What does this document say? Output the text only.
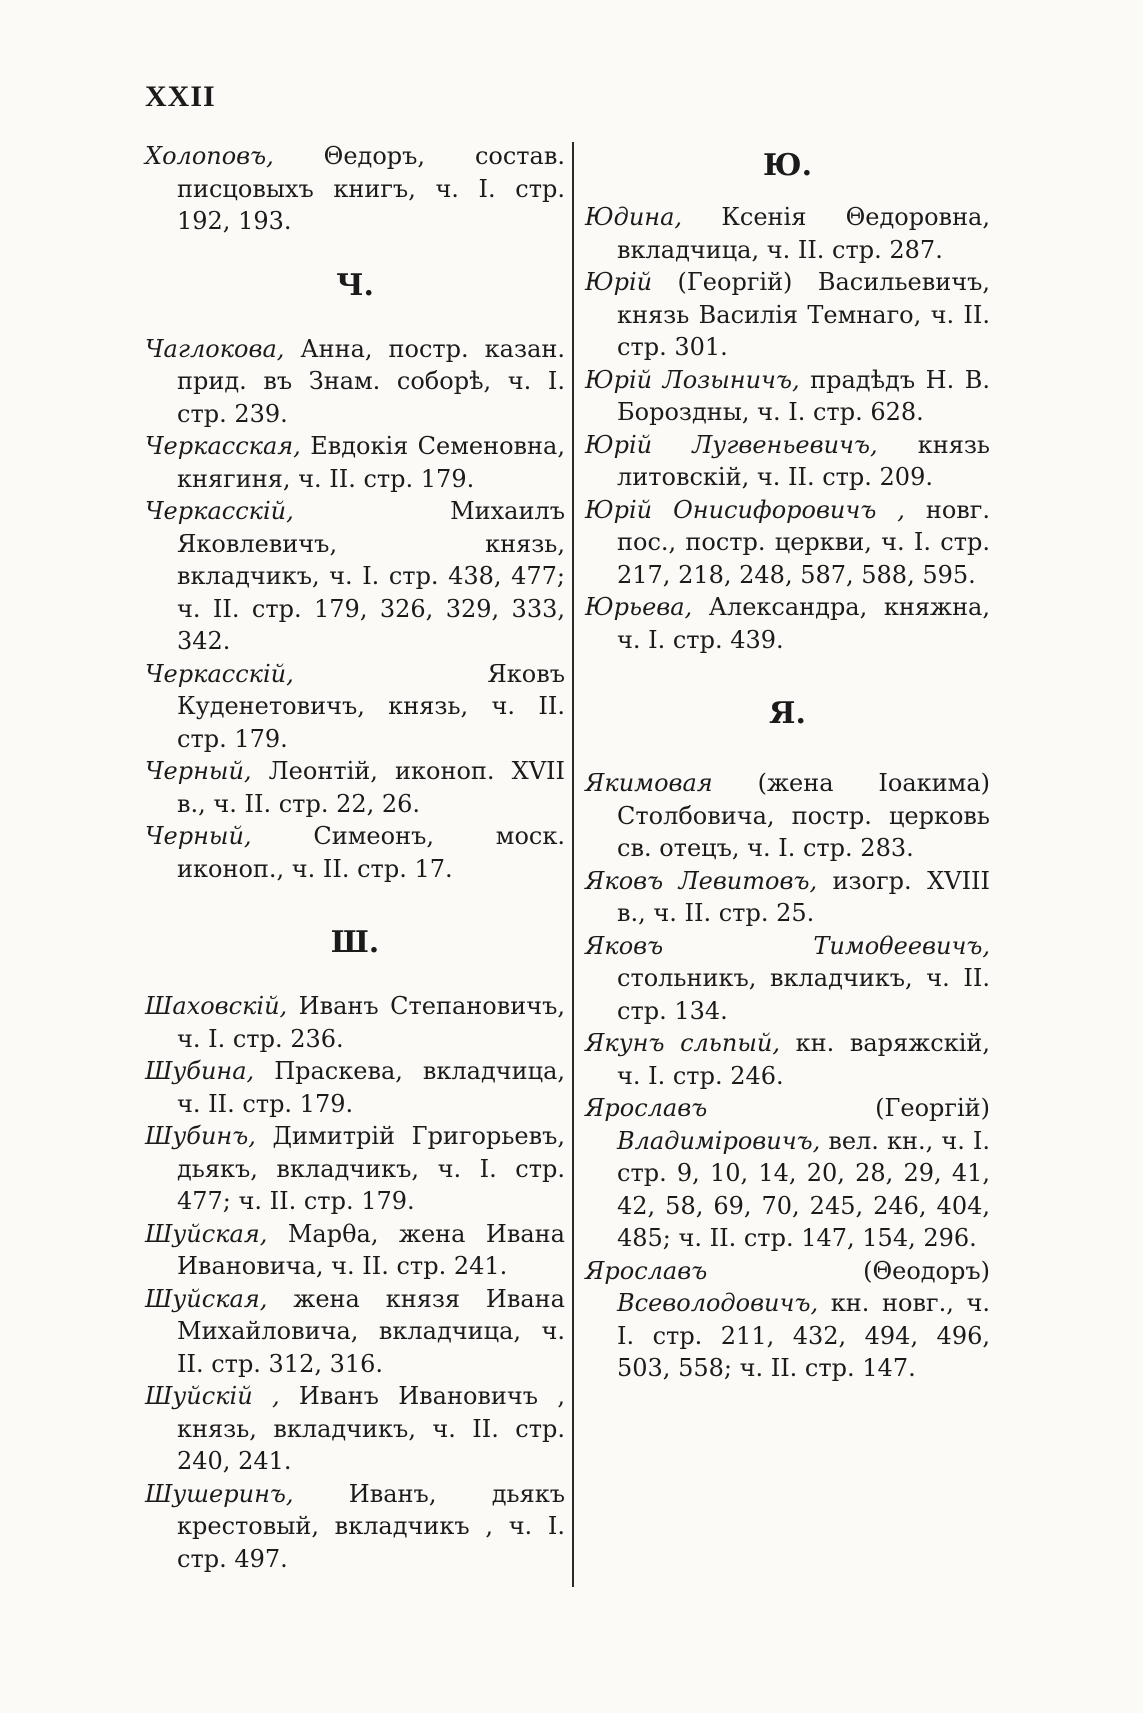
XXII

Холоповъ, Θедоръ, состав. писцовыхъ книгъ, ч. I. стр. 192, 193.

Ч.

Чаглокова, Анна, постр. казан. прид. въ Знам. соборѣ, ч. I. стр. 239.

Черкасская, Евдокія Семеновна, княгиня, ч. II. стр. 179.

Черкасскій, Михаилъ Яковлевичъ, князь, вкладчикъ, ч. I. стр. 438, 477; ч. II. стр. 179, 326, 329, 333, 342.

Черкасскій, Яковъ Куденетовичъ, князь, ч. II. стр. 179.

Черный, Леонтій, иконоп. XVII в., ч. II. стр. 22, 26.

Черный, Симеонъ, моск. иконоп., ч. II. стр. 17.

Ш.

Шаховскій, Иванъ Степановичъ, ч. I. стр. 236.

Шубина, Праскева, вкладчица, ч. II. стр. 179.

Шубинъ, Димитрій Григорьевъ, дьякъ, вкладчикъ, ч. I. стр. 477; ч. II. стр. 179.

Шуйская, Марθа, жена Ивана Ивановича, ч. II. стр. 241.

Шуйская, жена князя Ивана Михайловича, вкладчица, ч. II. стр. 312, 316.

Шуйскій , Иванъ Ивановичъ , князь, вкладчикъ, ч. II. стр. 240, 241.

Шушеринъ, Иванъ, дьякъ крестовый, вкладчикъ , ч. I. стр. 497.

Ю.

Юдина, Ксенія Θедоровна, вкладчица, ч. II. стр. 287.

Юрій (Георгій) Васильевичъ, князь Василія Темнаго, ч. II. стр. 301.

Юрій Лозыничъ, прадѣдъ Н. В. Бороздны, ч. I. стр. 628.

Юрій Лугвеньевичъ, князь литовскій, ч. II. стр. 209.

Юрій Онисифоровичъ , новг. пос., постр. церкви, ч. I. стр. 217, 218, 248, 587, 588, 595.

Юрьева, Александра, княжна, ч. I. стр. 439.

Я.

Якимовая (жена Іоакима) Столбовича, постр. церковь св. отецъ, ч. I. стр. 283.

Яковъ Левитовъ, изогр. XVIII в., ч. II. стр. 25.

Яковъ Тимоθеевичъ, стольникъ, вкладчикъ, ч. II. стр. 134.

Якунъ сльпый, кн. варяжскій, ч. I. стр. 246.

Ярославъ (Георгій) Владиміровичъ, вел. кн., ч. I. стр. 9, 10, 14, 20, 28, 29, 41, 42, 58, 69, 70, 245, 246, 404, 485; ч. II. стр. 147, 154, 296.

Ярославъ (Θеодоръ) Всеволодовичъ, кн. новг., ч. I. стр. 211, 432, 494, 496, 503, 558; ч. II. стр. 147.
